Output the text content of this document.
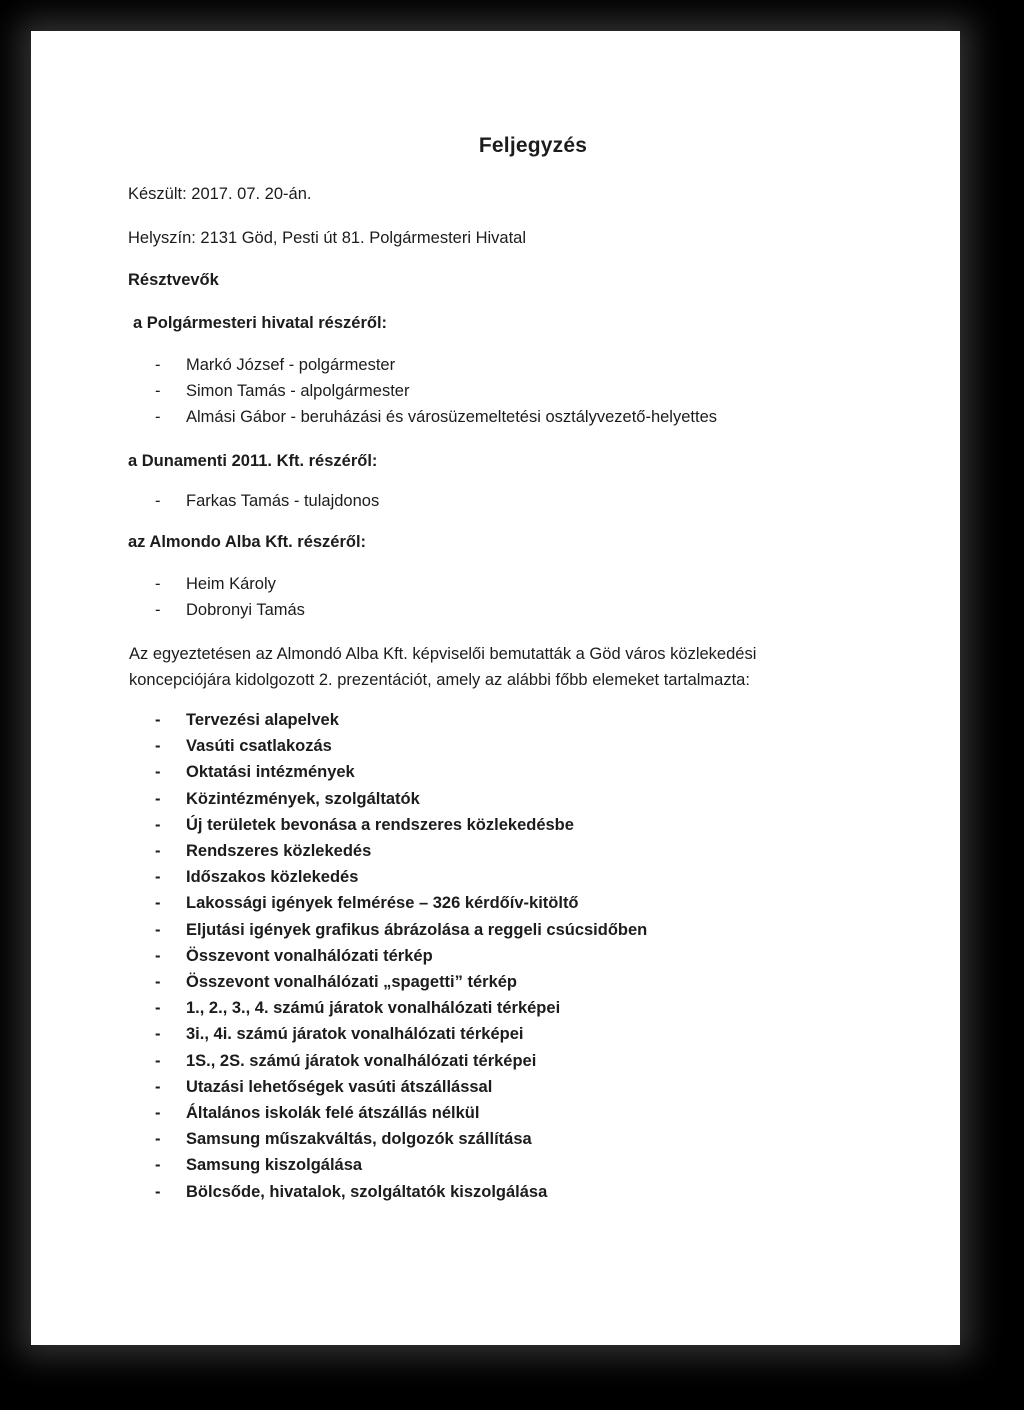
Feljegyzés

Készült: 2017. 07. 20-án.

Helyszín: 2131 Göd, Pesti út 81. Polgármesteri Hivatal

Résztvevők

a Polgármesteri hivatal részéről:

- Markó József - polgármester
- Simon Tamás - alpolgármester
- Almási Gábor - beruházási és városüzemeltetési osztályvezető-helyettes

a Dunamenti 2011. Kft. részéről:

- Farkas Tamás - tulajdonos

az Almondo Alba Kft. részéről:

- Heim Károly
- Dobronyi Tamás
Az egyeztetésen az Almondó Alba Kft. képviselői bemutatták a Göd város közlekedési
koncepciójára kidolgozott 2. prezentációt, amely az alábbi főbb elemeket tartalmazta:
- Tervezési alapelvek
- Vasúti csatlakozás
- Oktatási intézmények
- Közintézmények, szolgáltatók
- Új területek bevonása a rendszeres közlekedésbe
- Rendszeres közlekedés
- Időszakos közlekedés
- Lakossági igények felmérése – 326 kérdőív-kitöltő
- Eljutási igények grafikus ábrázolása a reggeli csúcsidőben
- Összevont vonalhálózati térkép
- Összevont vonalhálózati „spagetti” térkép
- 1., 2., 3., 4. számú járatok vonalhálózati térképei
- 3i., 4i. számú járatok vonalhálózati térképei
- 1S., 2S. számú járatok vonalhálózati térképei
- Utazási lehetőségek vasúti átszállással
- Általános iskolák felé átszállás nélkül
- Samsung műszakváltás, dolgozók szállítása
- Samsung kiszolgálása
- Bölcsőde, hivatalok, szolgáltatók kiszolgálása
